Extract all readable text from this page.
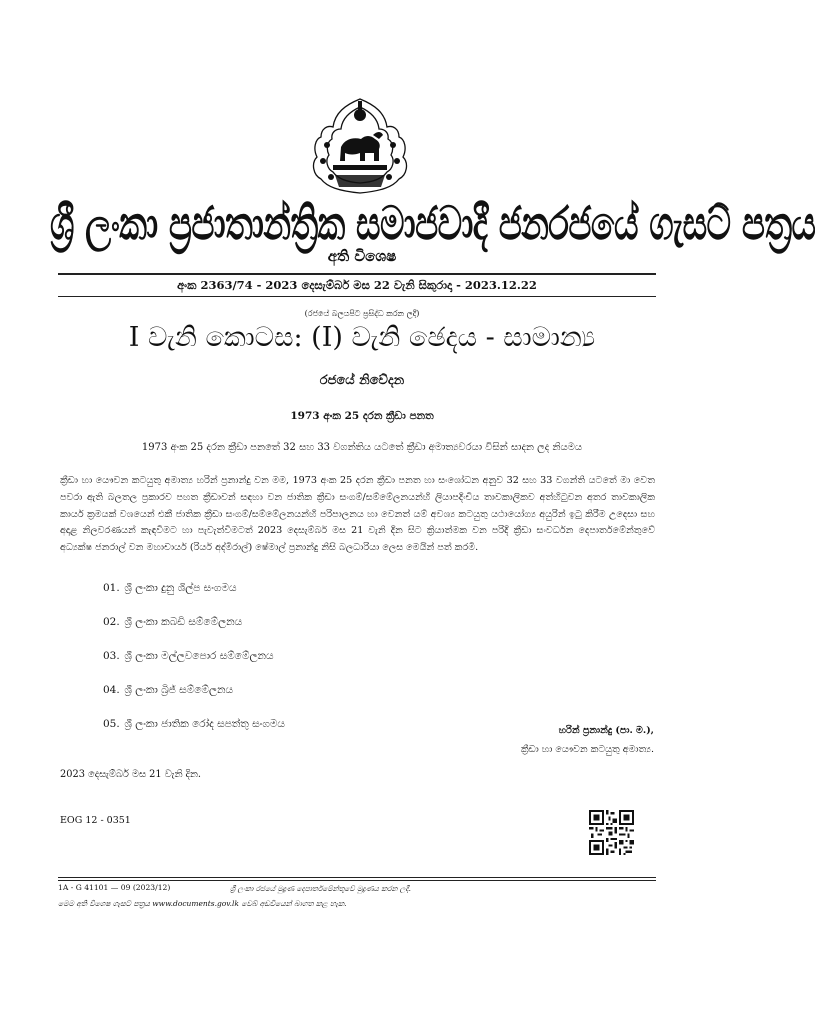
ශ්‍රී ලංකා ප්‍රජාතාන්ත්‍රික සමාජවාදී ජනරජයේ ගැසට් පත්‍රය
අති විශෙෂ
අංක 2363/74 - 2023 දෙසැම්බර් මස 22 වැනි සිකුරාදා - 2023.12.22
(රජයේ බලයපිට ප්‍රසිද්ධ කරන ලදී)
I වැනි කොටස: (I) වැනි ඡෙදය - සාමාන්‍ය
රජයේ නිවේදන
1973 අංක 25 දරන ක්‍රීඩා පනත
1973 අංක 25 දරන ක්‍රීඩා පනතේ 32 සහ 33 වගන්තිය යටතේ ක්‍රීඩා අමාත්‍යවරයා විසින් සාදන ලද නියමය
ක්‍රීඩා හා යෞවන කටයුතු අමාත්‍ය හරින් ප්‍රනාන්දු වන මම, 1973 අංක 25 දරන ක්‍රීඩා පනත හා සංශෝධන අනුව 32 සහ 33 වගන්ති යටතේ මා වෙත පවරා ඇති බලතල ප්‍රකාරව පහත ක්‍රීඩාවන් සඳහා වන ජාතික ක්‍රීඩා සංගම්/සම්මේලනයන්හි ලියාපදිංචිය තාවකාලිකව අත්හිටුවන අතර තාවකාලික කාර්ය ක්‍රමයක් වශයෙන් එකී ජාතික ක්‍රීඩා සංගම්/සම්මේලනයන්හි පරිපාලනය හා වෙනත් යම් අවශ්‍ය කටයුතු යථායෝග්‍ය අයුරින් ඉටු කිරීම උදෙසා සහ අදාළ නිලවරණයන් කැඳවීමට හා පැවැත්වීමටත් 2023 දෙසැම්බර් මස 21 වැනි දින සිට ක්‍රියාත්මක වන පරිදි ක්‍රීඩා සංවර්ධන දෙපාර්තමේන්තුවේ අධ්‍යක්ෂ ජනරාල් වන මහාචාර්ය (රියර් අද්මිරාල්) ෂේමාල් ප්‍රනාන්දු නිසි බලධාරියා ලෙස මෙයින් පත් කරමි.
01. ශ්‍රී ලංකා දුනු ශිල්ප සංගමය
02. ශ්‍රී ලංකා කබඩි සම්මේලනය
03. ශ්‍රී ලංකා මල්ලවපොර සම්මේලනය
04. ශ්‍රී ලංකා බ්‍රිජ් සම්මේලනය
05. ශ්‍රී ලංකා ජාතික රෝද සපත්තු සංගමය
හරින් ප්‍රනාන්දු (පා. ම.),
ක්‍රීඩා හා යෞවන කටයුතු අමාත්‍ය.
2023 දෙසැම්බර් මස 21 වැනි දින.
EOG 12 - 0351
1A - G 41101 — 09 (2023/12)	ශ්‍රී ලංකා රජයේ මුද්‍රණ දෙපාර්තමේන්තුවේ මුද්‍රණය කරන ලදී.
මෙම අති විශෙෂ ගැසට් පත්‍රය www.documents.gov.lk වෙබ් අඩවියෙන් බාගත කළ හැක.
